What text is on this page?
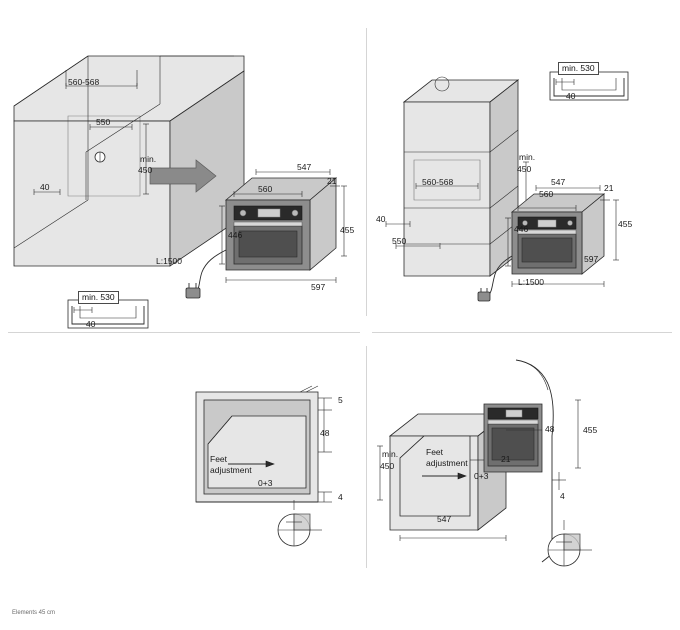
560-568
550
40
min.
450	547
560
21
446	455
597
L:1500
min. 530
40
min. 530
40
560-568
40
550
min.
450
547
560
21
446	455
597
L:1500
Feet
adjustment
0+3
5
48
4
min.
450
Feet
adjustment
0+3
21
48	455
4
547
Elements 45 cm
